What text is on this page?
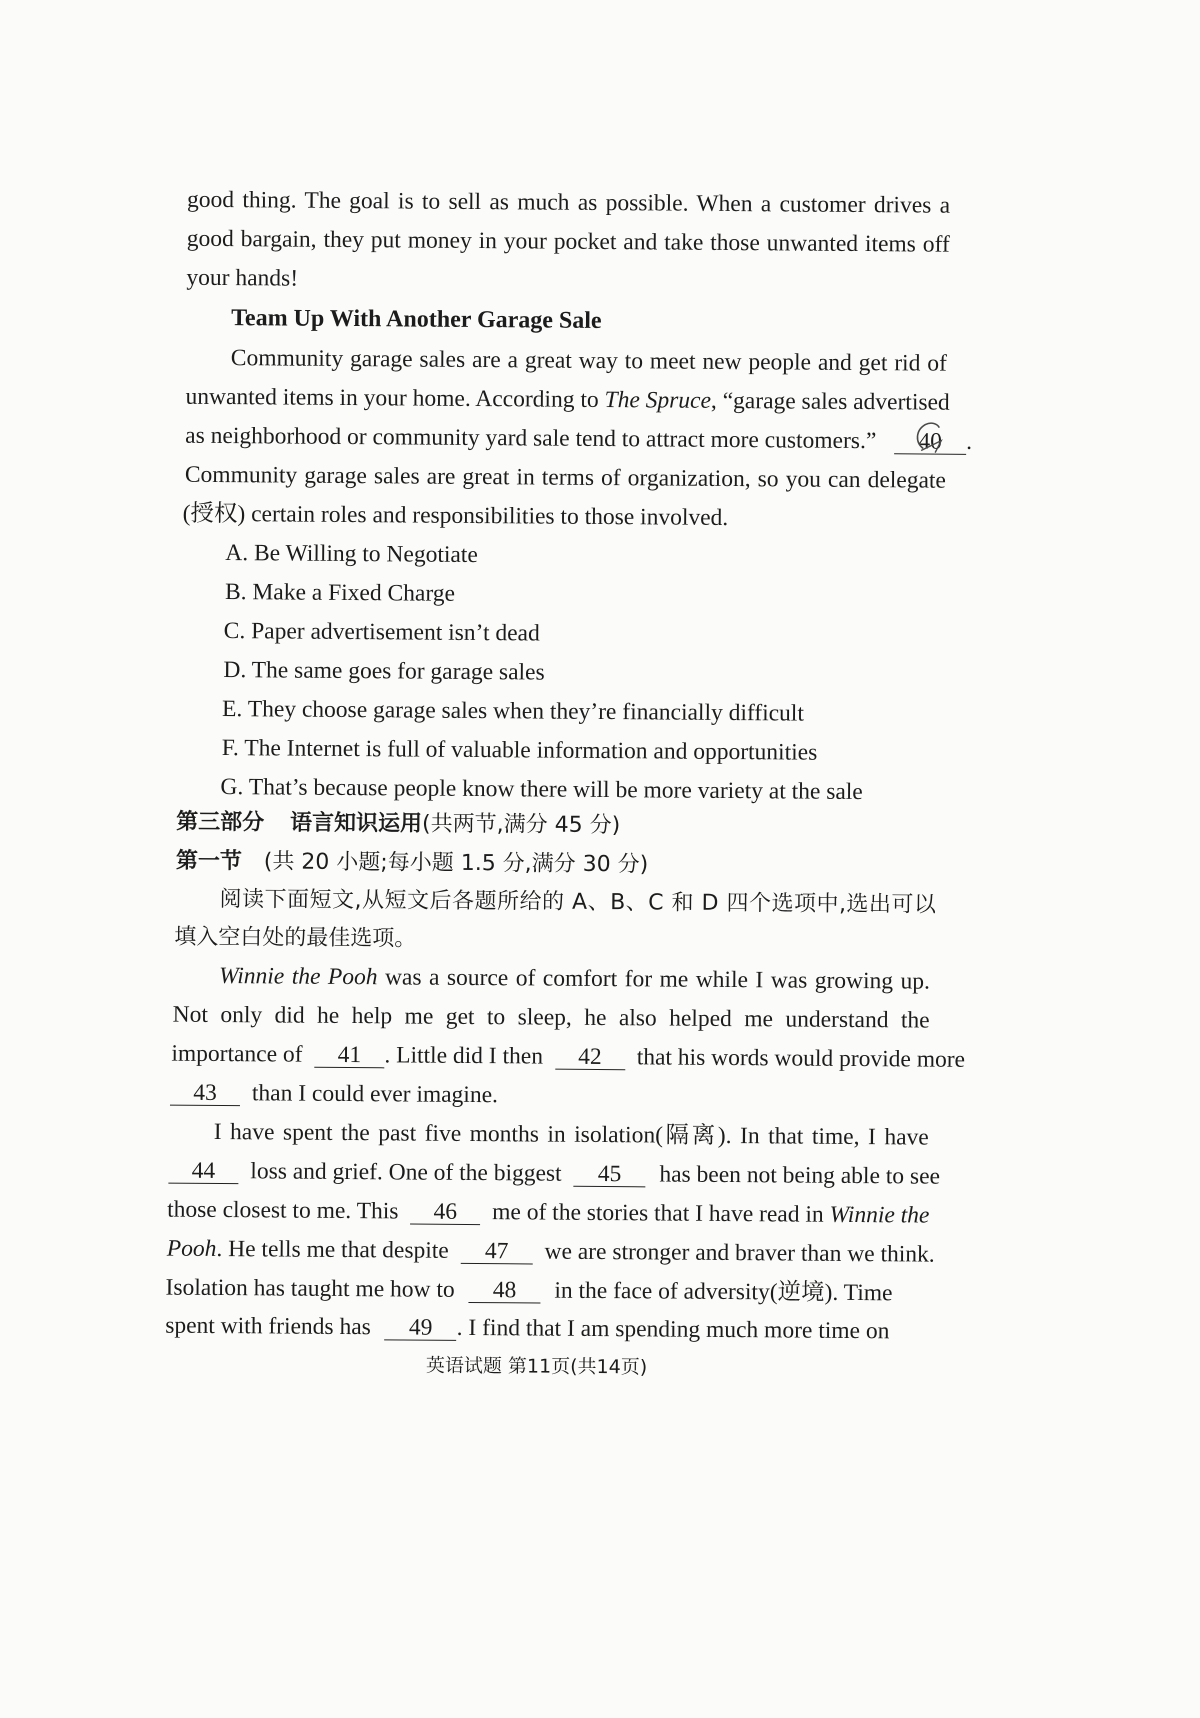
good thing. The goal is to sell as much as possible. When a customer drives a
good bargain, they put money in your pocket and take those unwanted items off
your hands!
Team Up With Another Garage Sale
Community garage sales are a great way to meet new people and get rid of
unwanted items in your home. According to The Spruce, “garage sales advertised
as neighborhood or community yard sale tend to attract more customers.” 40 .
Community garage sales are great in terms of organization, so you can delegate
(授权) certain roles and responsibilities to those involved.
A. Be Willing to Negotiate
B. Make a Fixed Charge
C. Paper advertisement isn’t dead
D. The same goes for garage sales
E. They choose garage sales when they’re financially difficult
F. The Internet is full of valuable information and opportunities
G. That’s because people know there will be more variety at the sale
第三部分 语言知识运用(共两节,满分 45 分)
第一节 (共 20 小题;每小题 1.5 分,满分 30 分)
阅读下面短文,从短文后各题所给的 A、B、C 和 D 四个选项中,选出可以
填入空白处的最佳选项。
Winnie the Pooh was a source of comfort for me while I was growing up.
Not only did he help me get to sleep, he also helped me understand the
importance of 41 . Little did I then 42 that his words would provide more
43 than I could ever imagine.
I have spent the past five months in isolation(隔离). In that time, I have
44 loss and grief. One of the biggest 45 has been not being able to see
those closest to me. This 46 me of the stories that I have read in Winnie the
Pooh. He tells me that despite 47 we are stronger and braver than we think.
Isolation has taught me how to 48 in the face of adversity(逆境). Time
spent with friends has 49 . I find that I am spending much more time on
英语试题 第11页(共14页)
